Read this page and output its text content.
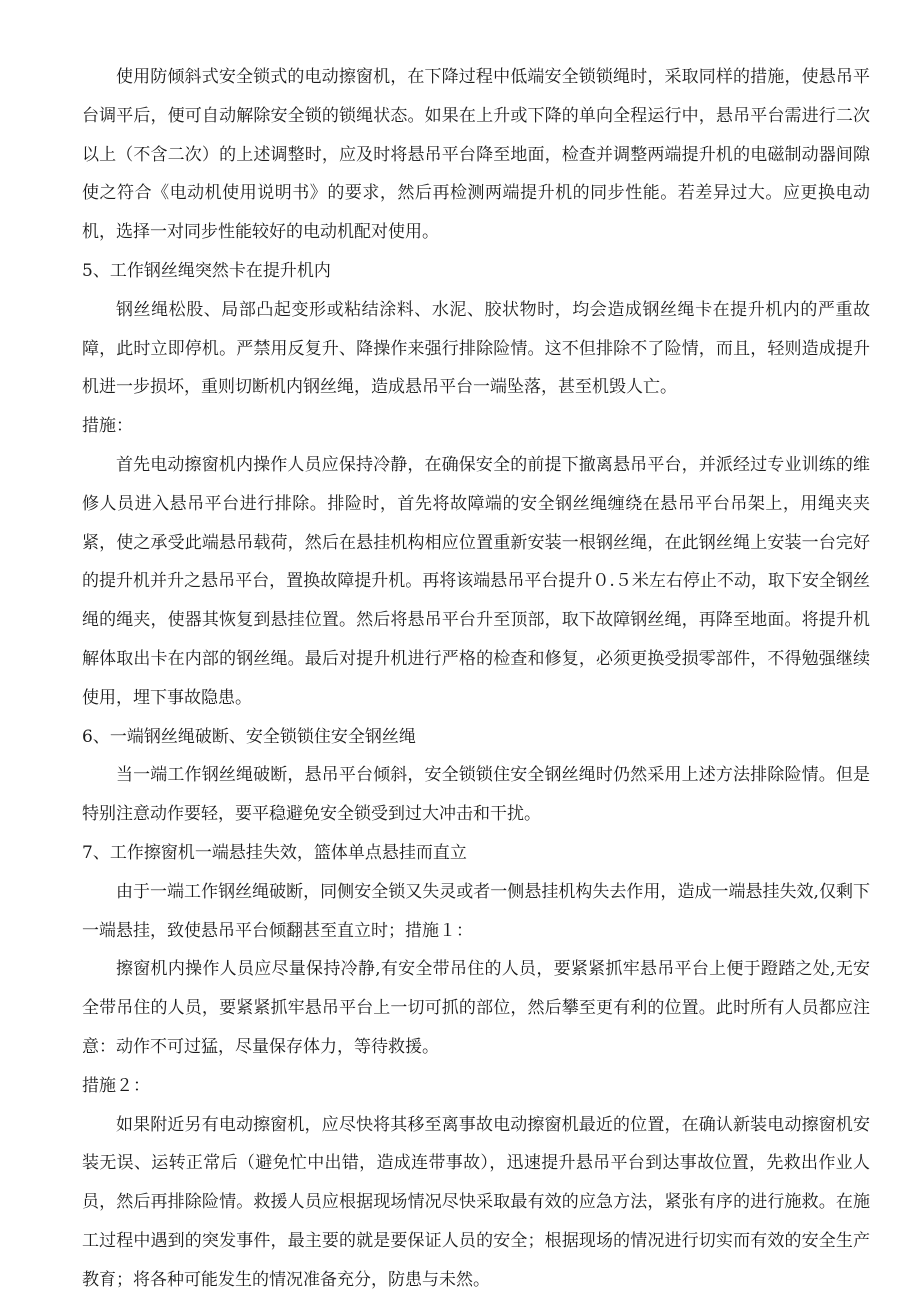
使用防倾斜式安全锁式的电动擦窗机，在下降过程中低端安全锁锁绳时，采取同样的措施，使悬吊平台调平后，便可自动解除安全锁的锁绳状态。如果在上升或下降的单向全程运行中，悬吊平台需进行二次以上（不含二次）的上述调整时，应及时将悬吊平台降至地面，检查并调整两端提升机的电磁制动器间隙使之符合《电动机使用说明书》的要求，然后再检测两端提升机的同步性能。若差异过大。应更换电动机，选择一对同步性能较好的电动机配对使用。

5、工作钢丝绳突然卡在提升机内

钢丝绳松股、局部凸起变形或粘结涂料、水泥、胶状物时，均会造成钢丝绳卡在提升机内的严重故障，此时立即停机。严禁用反复升、降操作来强行排除险情。这不但排除不了险情，而且，轻则造成提升机进一步损坏，重则切断机内钢丝绳，造成悬吊平台一端坠落，甚至机毁人亡。

措施：

首先电动擦窗机内操作人员应保持冷静，在确保安全的前提下撤离悬吊平台，并派经过专业训练的维修人员进入悬吊平台进行排除。排险时，首先将故障端的安全钢丝绳缠绕在悬吊平台吊架上，用绳夹夹紧，使之承受此端悬吊载荷，然后在悬挂机构相应位置重新安装一根钢丝绳，在此钢丝绳上安装一台完好的提升机并升之悬吊平台，置换故障提升机。再将该端悬吊平台提升０.５米左右停止不动，取下安全钢丝绳的绳夹，使器其恢复到悬挂位置。然后将悬吊平台升至顶部，取下故障钢丝绳，再降至地面。将提升机解体取出卡在内部的钢丝绳。最后对提升机进行严格的检查和修复，必须更换受损零部件，不得勉强继续使用，埋下事故隐患。

6、一端钢丝绳破断、安全锁锁住安全钢丝绳

当一端工作钢丝绳破断，悬吊平台倾斜，安全锁锁住安全钢丝绳时仍然采用上述方法排除险情。但是特别注意动作要轻，要平稳避免安全锁受到过大冲击和干扰。

7、工作擦窗机一端悬挂失效，篮体单点悬挂而直立

由于一端工作钢丝绳破断，同侧安全锁又失灵或者一侧悬挂机构失去作用，造成一端悬挂失效,仅剩下一端悬挂，致使悬吊平台倾翻甚至直立时；措施１：

擦窗机内操作人员应尽量保持冷静,有安全带吊住的人员，要紧紧抓牢悬吊平台上便于蹬踏之处,无安全带吊住的人员，要紧紧抓牢悬吊平台上一切可抓的部位，然后攀至更有利的位置。此时所有人员都应注意：动作不可过猛，尽量保存体力，等待救援。

措施２：

如果附近另有电动擦窗机，应尽快将其移至离事故电动擦窗机最近的位置，在确认新装电动擦窗机安装无误、运转正常后（避免忙中出错，造成连带事故），迅速提升悬吊平台到达事故位置，先救出作业人员，然后再排除险情。救援人员应根据现场情况尽快采取最有效的应急方法，紧张有序的进行施救。在施工过程中遇到的突发事件，最主要的就是要保证人员的安全；根据现场的情况进行切实而有效的安全生产教育；将各种可能发生的情况准备充分，防患与未然。
